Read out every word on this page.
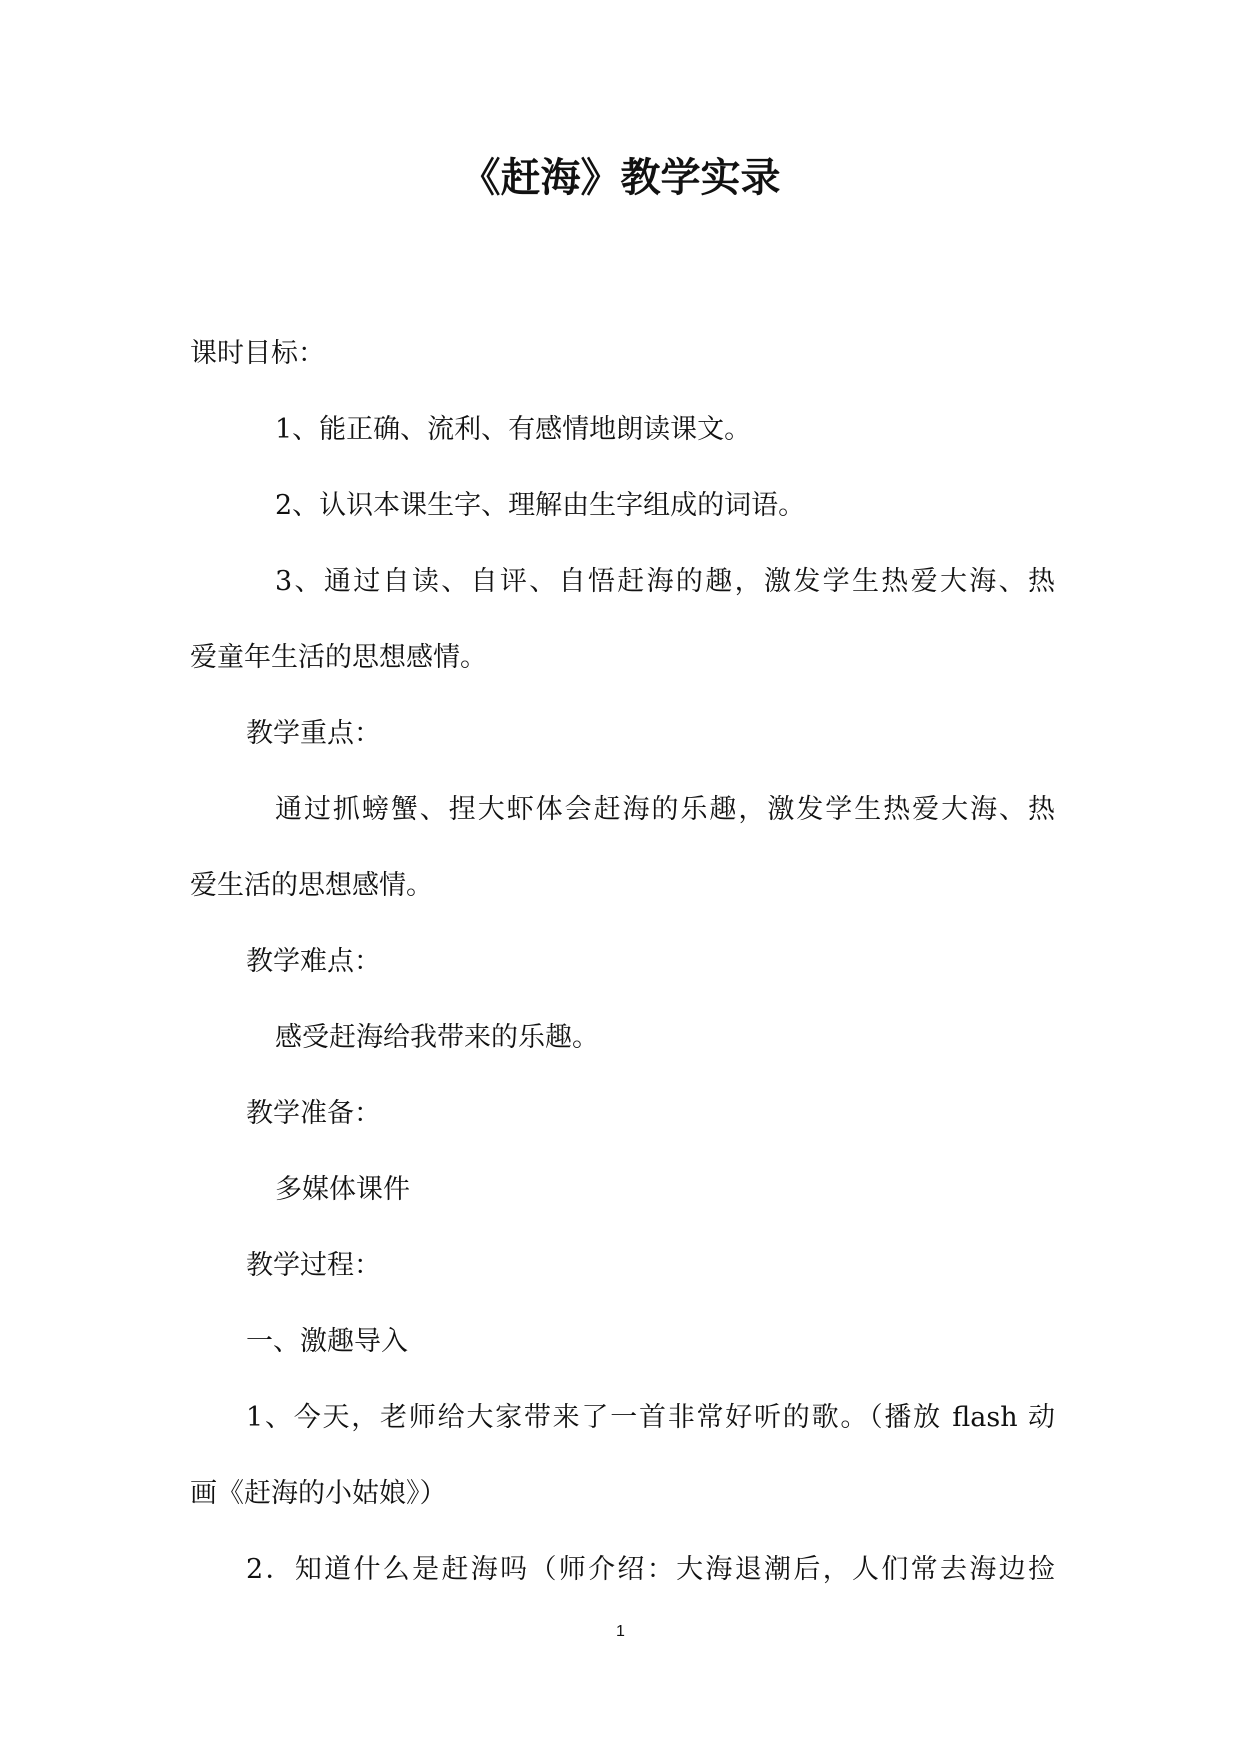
《赶海》教学实录

课时目标：

1、能正确、流利、有感情地朗读课文。

2、认识本课生字、理解由生字组成的词语。

3、通过自读、自评、自悟赶海的趣，激发学生热爱大海、热

爱童年生活的思想感情。

教学重点：

通过抓螃蟹、捏大虾体会赶海的乐趣，激发学生热爱大海、热

爱生活的思想感情。

教学难点：

感受赶海给我带来的乐趣。

教学准备：

多媒体课件

教学过程：

一、激趣导入

1、今天，老师给大家带来了一首非常好听的歌。（播放 flash 动

画《赶海的小姑娘》）

2．知道什么是赶海吗（师介绍：大海退潮后，人们常去海边捡

1
